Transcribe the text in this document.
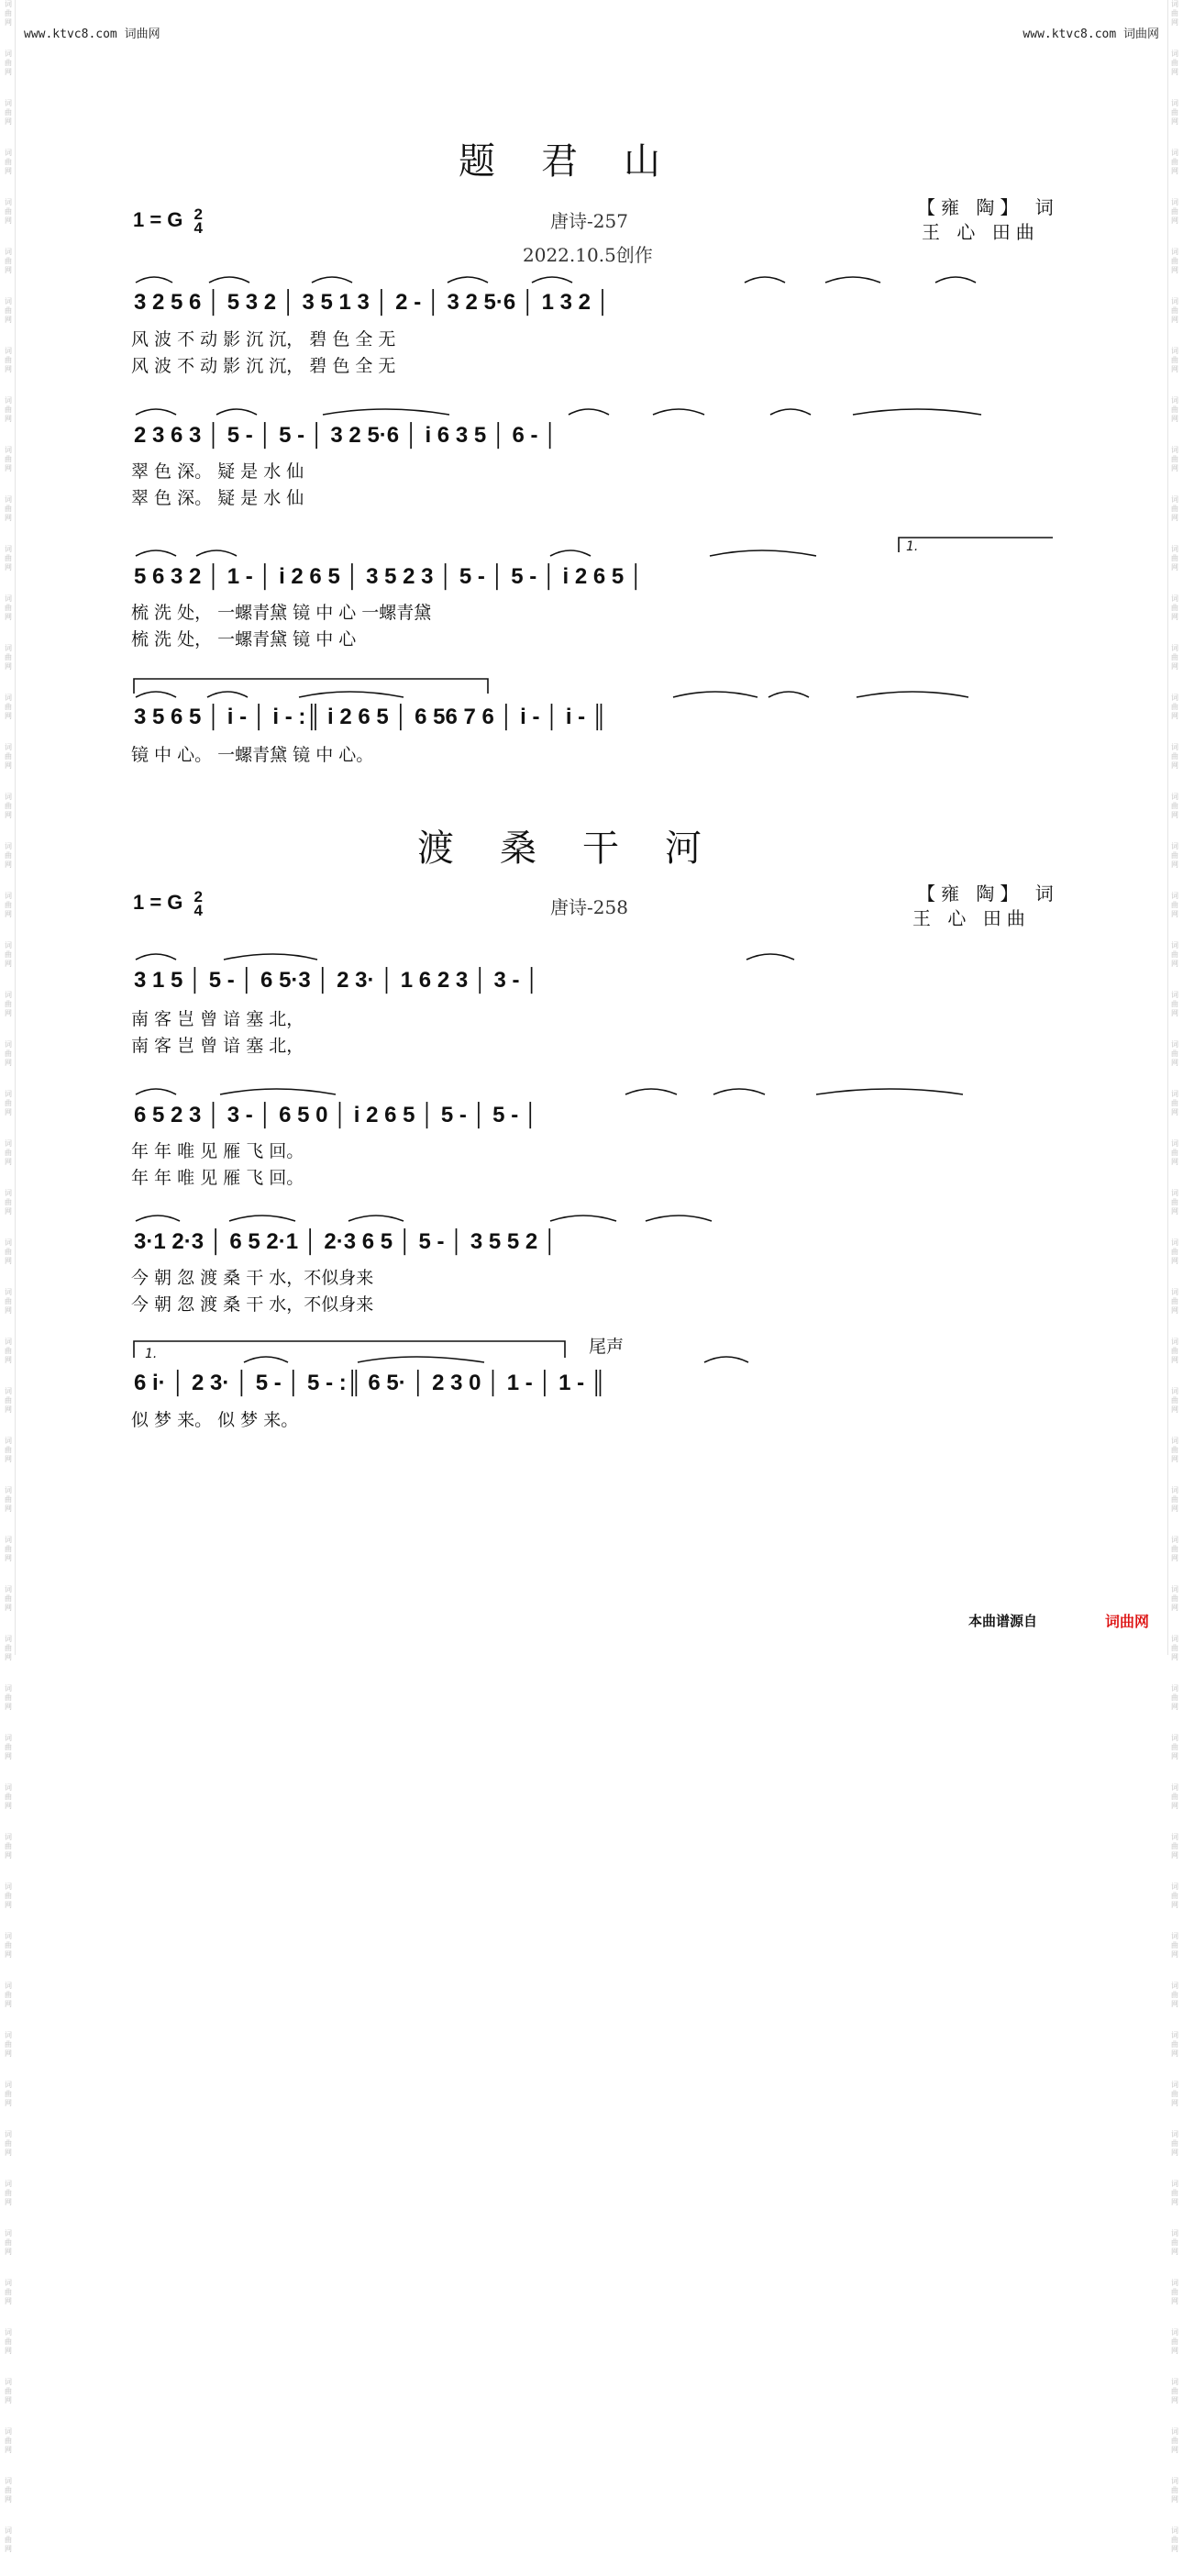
词
曲
网
词
曲
网
词
曲
网
词
曲
网
词
曲
网
词
曲
网
词
曲
网
词
曲
网
词
曲
网
词
曲
网
词
曲
网
词
曲
网
词
曲
网
词
曲
网
词
曲
网
词
曲
网
词
曲
网
词
曲
网
词
曲
网
词
曲
网
词
曲
网
词
曲
网
词
曲
网
词
曲
网
词
曲
网
词
曲
网
词
曲
网
词
曲
网
词
曲
网
词
曲
网
词
曲
网
词
曲
网
词
曲
网
词
曲
网
词
曲
网
词
曲
网
词
曲
网
词
曲
网
词
曲
网
词
曲
网
词
曲
网
词
曲
网
词
曲
网
词
曲
网
词
曲
网
词
曲
网
词
曲
网
词
曲
网
词
曲
网
词
曲
网
词
曲
网
词
曲
网
词
曲
网
词
曲
网
词
曲
网
词
曲
网
词
曲
网
词
曲
网
词
曲
网
词
曲
网
词
曲
网
词
曲
网
词
曲
网
词
曲
网
词
曲
网
词
曲
网
词
曲
网
词
曲
网
词
曲
网
词
曲
网
词
曲
网
词
曲
网
词
曲
网
词
曲
网
词
曲
网
词
曲
网
词
曲
网
词
曲
网
词
曲
网
词
曲
网
词
曲
网
词
曲
网
词
曲
网
词
曲
网
词
曲
网
词
曲
网
词
曲
网
词
曲
网
词
曲
网
词
曲
网
词
曲
网
词
曲
网
词
曲
网
词
曲
网
词
曲
网
词
曲
网
词
曲
网
词
曲
网
词
曲
网
词
曲
网
词
曲
网
词
曲
网
词
曲
网
词
曲
网
www.ktvc8.com 词曲网	www.ktvc8.com 词曲网
题君山
1 = G 2
4	唐诗-257
2022.10.5创作
【雍 陶】 词
王 心 田曲
3 2 5 6 │ 5 3 2 │ 3 5 1 3 │ 2 - │ 3 2 5·6 │ 1 3 2 │
风 波 不 动 影 沉 沉， 碧 色 全 无
风 波 不 动 影 沉 沉， 碧 色 全 无
2 3 6 3 │ 5 - │ 5 - │ 3 2 5·6 │ i 6 3 5 │ 6 - │
翠 色 深。 疑 是 水 仙
翠 色 深。 疑 是 水 仙
1.
5 6 3 2 │ 1 - │ i 2 6 5 │ 3 5 2 3 │ 5 - │ 5 - │ i 2 6 5 │
梳 洗 处， 一螺青黛 镜 中 心 一螺青黛
梳 洗 处， 一螺青黛 镜 中 心
3 5 6 5 │ i - │ i - :║ i 2 6 5 │ 6 56 7 6 │ i - │ i - ║
镜 中 心。 一螺青黛 镜 中 心。
渡桑干河
1 = G 2
4	唐诗-258
【雍 陶】 词
王 心 田曲
3 1 5 │ 5 - │ 6 5·3 │ 2 3· │ 1 6 2 3 │ 3 - │
南 客 岂 曾 谙 塞 北，
南 客 岂 曾 谙 塞 北，
6 5 2 3 │ 3 - │ 6 5 0 │ i 2 6 5 │ 5 - │ 5 - │
年 年 唯 见 雁 飞 回。
年 年 唯 见 雁 飞 回。
3·1 2·3 │ 6 5 2·1 │ 2·3 6 5 │ 5 - │ 3 5 5 2 │
今 朝 忽 渡 桑 干 水，不似身来
今 朝 忽 渡 桑 干 水，不似身来
1.	尾声
6 i· │ 2 3· │ 5 - │ 5 - :║ 6 5· │ 2 3 0 │ 1 - │ 1 - ║
似 梦 来。 似 梦 来。
本曲谱源自	词曲网
